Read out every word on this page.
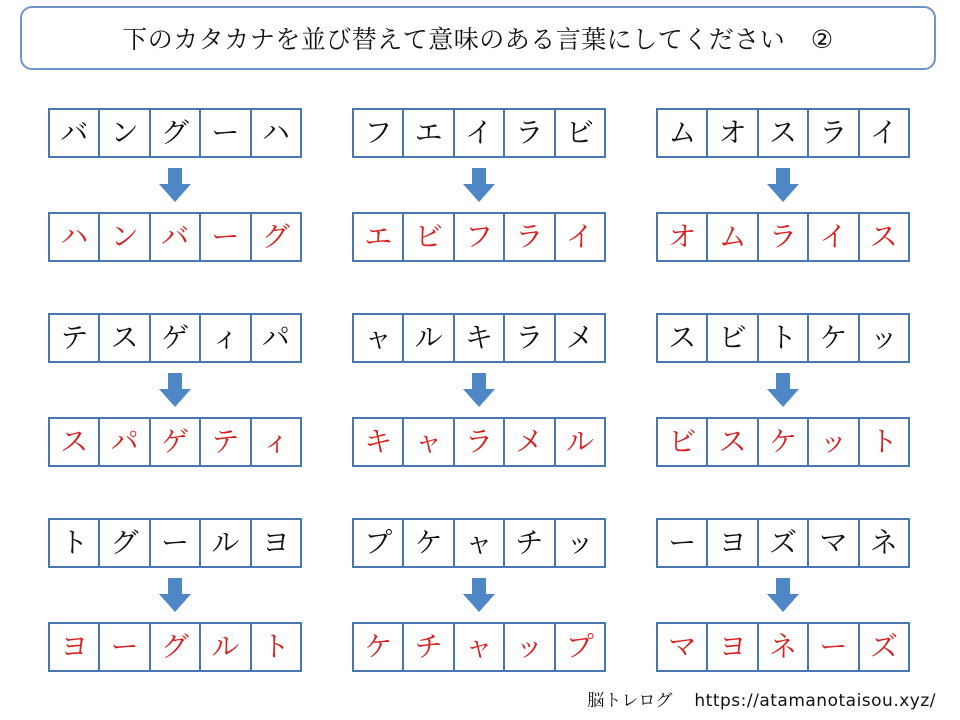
下のカタカナを並び替えて意味のある言葉にしてください　②
バ ン グ ー ハ
ハ ン バ ー グ
フ エ イ ラ ビ
エ ビ フ ラ イ
ム オ ス ラ イ
オ ム ラ イ ス
テ ス ゲ ィ パ
ス パ ゲ テ ィ
ャ ル キ ラ メ
キ ャ ラ メ ル
ス ビ ト ケ ッ
ビ ス ケ ッ ト
ト グ ー ル ヨ
ヨ ー グ ル ト
プ ケ ャ チ ッ
ケ チ ャ ッ プ
ー ヨ ズ マ ネ
マ ヨ ネ ー ズ
脳トレログ https://atamanotaisou.xyz/
